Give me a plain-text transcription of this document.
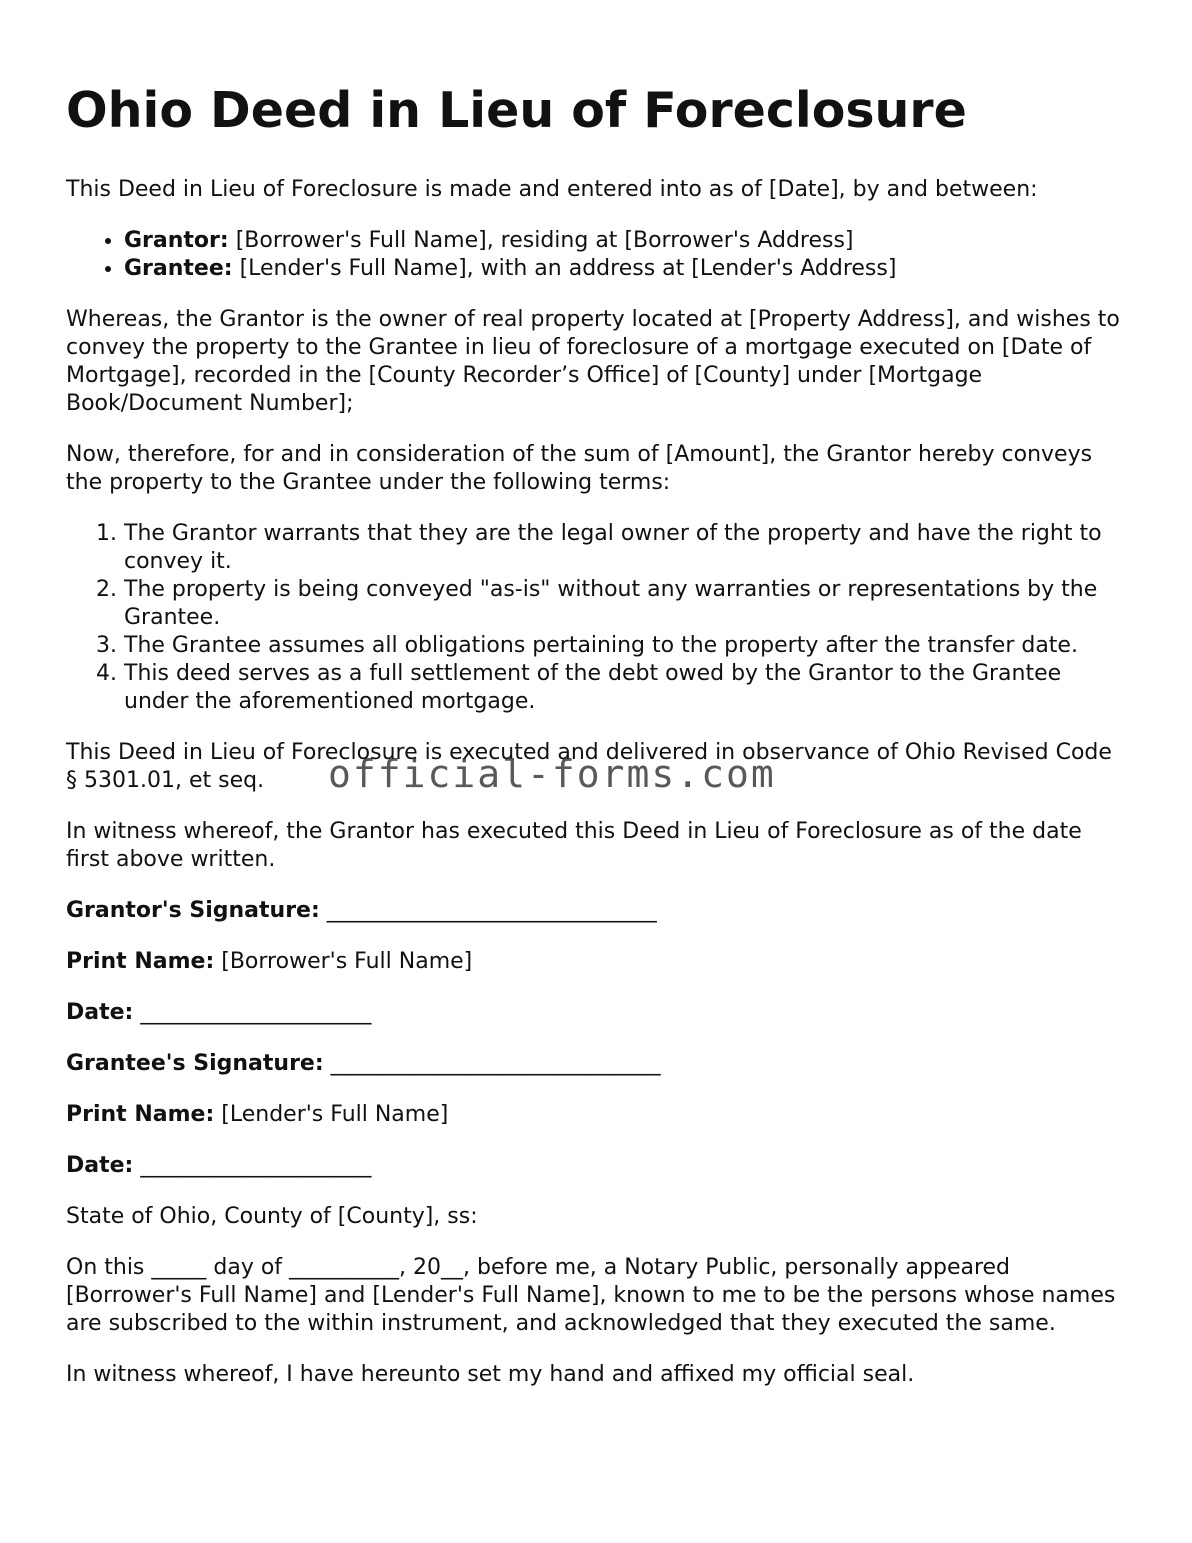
Ohio Deed in Lieu of Foreclosure

This Deed in Lieu of Foreclosure is made and entered into as of [Date], by and between:

• Grantor: [Borrower's Full Name], residing at [Borrower's Address]
• Grantee: [Lender's Full Name], with an address at [Lender's Address]

Whereas, the Grantor is the owner of real property located at [Property Address], and wishes to convey the property to the Grantee in lieu of foreclosure of a mortgage executed on [Date of Mortgage], recorded in the [County Recorder’s Office] of [County] under [Mortgage Book/Document Number];

Now, therefore, for and in consideration of the sum of [Amount], the Grantor hereby conveys the property to the Grantee under the following terms:

1. The Grantor warrants that they are the legal owner of the property and have the right to convey it.
2. The property is being conveyed "as-is" without any warranties or representations by the Grantee.
3. The Grantee assumes all obligations pertaining to the property after the transfer date.
4. This deed serves as a full settlement of the debt owed by the Grantor to the Grantee under the aforementioned mortgage.

This Deed in Lieu of Foreclosure is executed and delivered in observance of Ohio Revised Code § 5301.01, et seq.

In witness whereof, the Grantor has executed this Deed in Lieu of Foreclosure as of the date first above written.

Grantor's Signature: ______________________________

Print Name: [Borrower's Full Name]

Date: _____________________

Grantee's Signature: ______________________________

Print Name: [Lender's Full Name]

Date: _____________________

State of Ohio, County of [County], ss:

On this _____ day of __________, 20__, before me, a Notary Public, personally appeared [Borrower's Full Name] and [Lender's Full Name], known to me to be the persons whose names are subscribed to the within instrument, and acknowledged that they executed the same.

In witness whereof, I have hereunto set my hand and affixed my official seal.

official-forms.com
